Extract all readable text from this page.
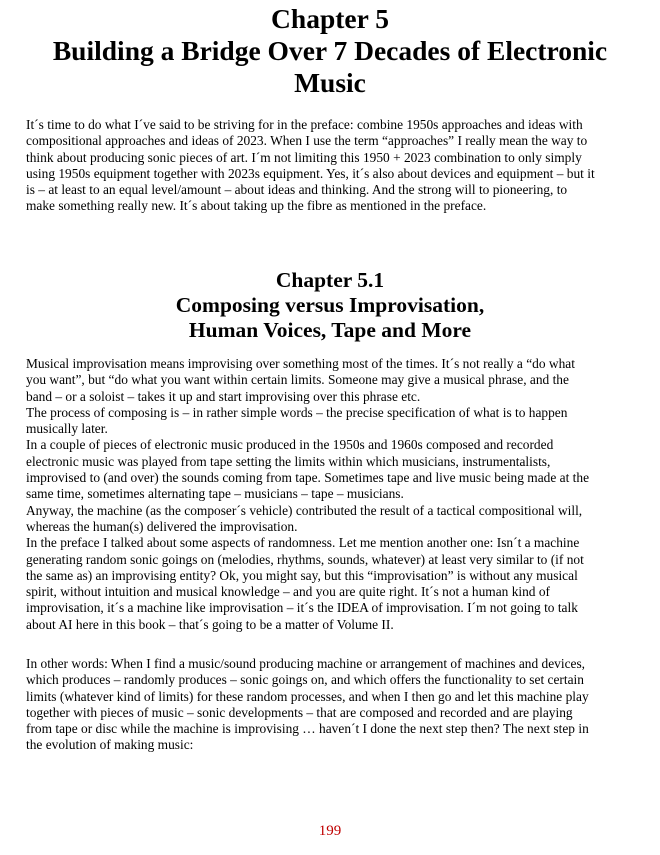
Chapter 5
Building a Bridge Over 7 Decades of Electronic
Music

It´s time to do what I´ve said to be striving for in the preface: combine 1950s approaches and ideas with
compositional approaches and ideas of 2023. When I use the term “approaches” I really mean the way to
think about producing sonic pieces of art. I´m not limiting this 1950 + 2023 combination to only simply
using 1950s equipment together with 2023s equipment. Yes, it´s also about devices and equipment – but it
is – at least to an equal level/amount – about ideas and thinking. And the strong will to pioneering, to
make something really new. It´s about taking up the fibre as mentioned in the preface.

Chapter 5.1
Composing versus Improvisation,
Human Voices, Tape and More

Musical improvisation means improvising over something most of the times. It´s not really a “do what
you want”, but “do what you want within certain limits. Someone may give a musical phrase, and the
band – or a soloist – takes it up and start improvising over this phrase etc.
The process of composing is – in rather simple words – the precise specification of what is to happen
musically later.
In a couple of pieces of electronic music produced in the 1950s and 1960s composed and recorded
electronic music was played from tape setting the limits within which musicians, instrumentalists,
improvised to (and over) the sounds coming from tape. Sometimes tape and live music being made at the
same time, sometimes alternating tape – musicians – tape – musicians.
Anyway, the machine (as the composer´s vehicle) contributed the result of a tactical compositional will,
whereas the human(s) delivered the improvisation.
In the preface I talked about some aspects of randomness. Let me mention another one: Isn´t a machine
generating random sonic goings on (melodies, rhythms, sounds, whatever) at least very similar to (if not
the same as) an improvising entity? Ok, you might say, but this “improvisation” is without any musical
spirit, without intuition and musical knowledge – and you are quite right. It´s not a human kind of
improvisation, it´s a machine like improvisation – it´s the IDEA of improvisation. I´m not going to talk
about AI here in this book – that´s going to be a matter of Volume II.

In other words: When I find a music/sound producing machine or arrangement of machines and devices,
which produces – randomly produces – sonic goings on, and which offers the functionality to set certain
limits (whatever kind of limits) for these random processes, and when I then go and let this machine play
together with pieces of music – sonic developments – that are composed and recorded and are playing
from tape or disc while the machine is improvising … haven´t I done the next step then? The next step in
the evolution of making music:

199
